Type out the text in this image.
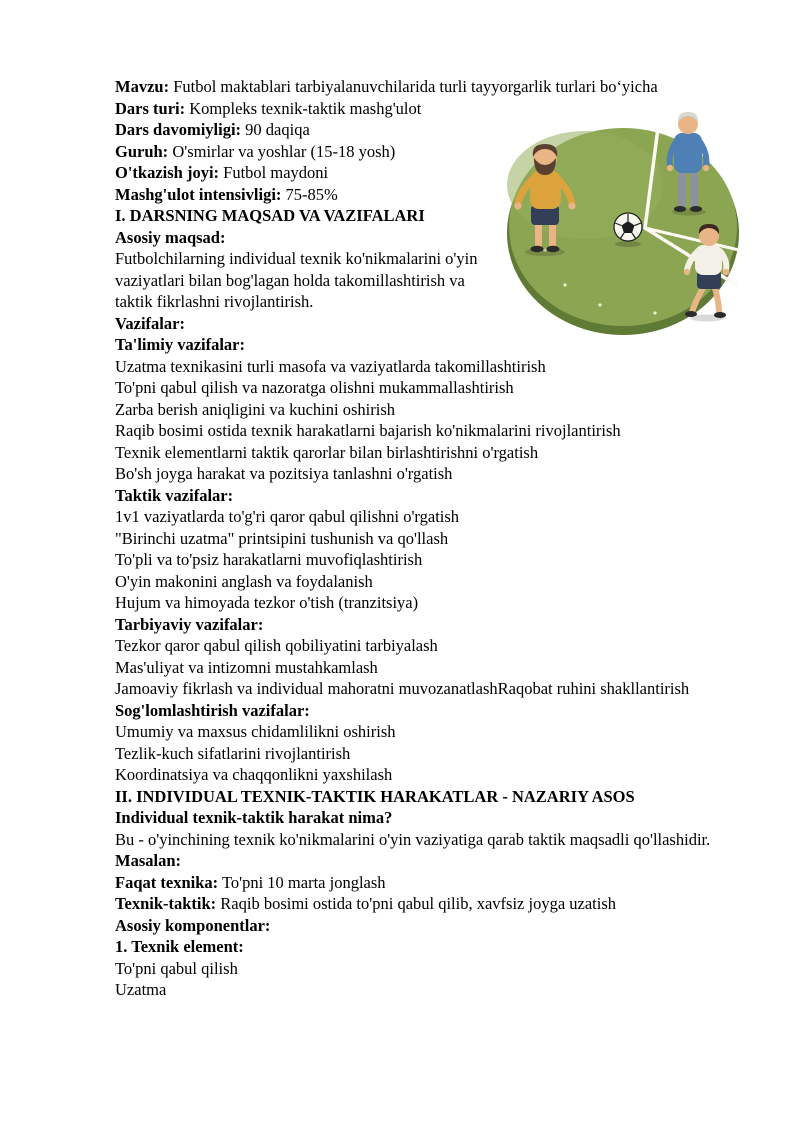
Mavzu: Futbol maktablari tarbiyalanuvchilarida turli tayyorgarlik turlari boʻyicha
Dars turi: Kompleks texnik-taktik mashg'ulot
Dars davomiyligi: 90 daqiqa
Guruh: O'smirlar va yoshlar (15-18 yosh)
O'tkazish joyi: Futbol maydoni
Mashg'ulot intensivligi: 75-85%
I. DARSNING MAQSAD VA VAZIFALARI
Asosiy maqsad:
Futbolchilarning individual texnik ko'nikmalarini o'yin vaziyatlari bilan bog'lagan holda takomillashtirish va taktik fikrlashni rivojlantirish.
Vazifalar:
Ta'limiy vazifalar:
Uzatma texnikasini turli masofa va vaziyatlarda takomillashtirish
To'pni qabul qilish va nazoratga olishni mukammallashtirish
Zarba berish aniqligini va kuchini oshirish
Raqib bosimi ostida texnik harakatlarni bajarish ko'nikmalarini rivojlantirish
Texnik elementlarni taktik qarorlar bilan birlashtirishni o'rgatish
Bo'sh joyga harakat va pozitsiya tanlashni o'rgatish
Taktik vazifalar:
1v1 vaziyatlarda to'g'ri qaror qabul qilishni o'rgatish
"Birinchi uzatma" printsipini tushunish va qo'llash
To'pli va to'psiz harakatlarni muvofiqlashtirish
O'yin makonini anglash va foydalanish
Hujum va himoyada tezkor o'tish (tranzitsiya)
Tarbiyaviy vazifalar:
Tezkor qaror qabul qilish qobiliyatini tarbiyalash
Mas'uliyat va intizomni mustahkamlash
Jamoaviy fikrlash va individual mahoratni muvozanatlashRaqobat ruhini shakllantirish
Sog'lomlashtirish vazifalar:
Umumiy va maxsus chidamlilikni oshirish
Tezlik-kuch sifatlarini rivojlantirish
Koordinatsiya va chaqqonlikni yaxshilash
II. INDIVIDUAL TEXNIK-TAKTIK HARAKATLAR - NAZARIY ASOS
Individual texnik-taktik harakat nima?
Bu - o'yinchining texnik ko'nikmalarini o'yin vaziyatiga qarab taktik maqsadli qo'llashidir.
Masalan:
Faqat texnika: To'pni 10 marta jonglash
Texnik-taktik: Raqib bosimi ostida to'pni qabul qilib, xavfsiz joyga uzatish
Asosiy komponentlar:
1. Texnik element:
To'pni qabul qilish
Uzatma
